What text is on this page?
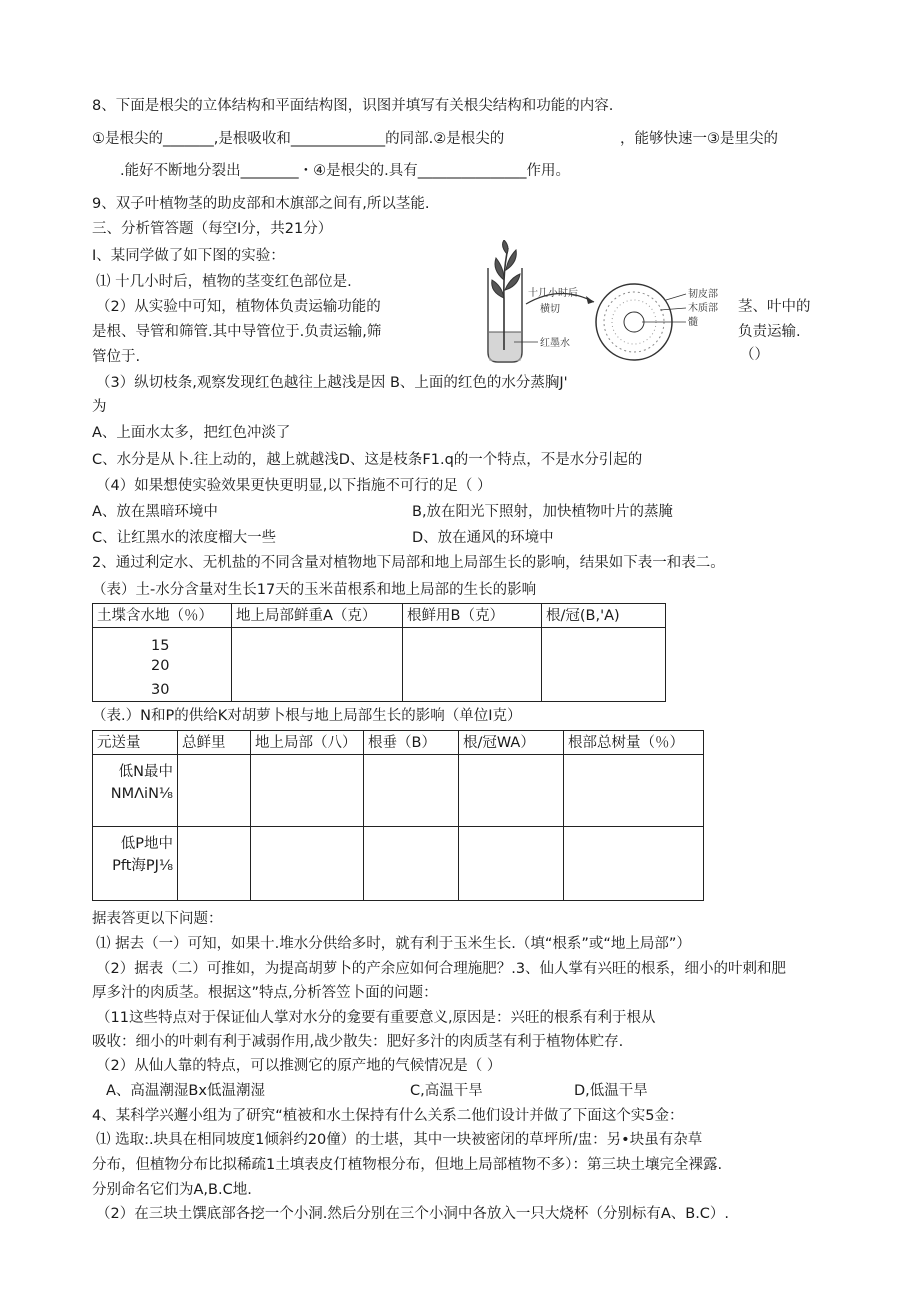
8、下面是根尖的立体结构和平面结构图，识图并填写有关根尖结构和功能的内容.
①是根尖的_______,是根吸收和_____________的同部.②是根尖的	，能够快速一③是里尖的
.能好不断地分裂出________・④是根尖的.具有_______________作用。
9、双子叶植物茎的助皮部和木旗部之间有,所以茎能.
三、分析管答题（每空I分，共21分）
I、某同学做了如下图的实验：
⑴ 十几小时后，植物的茎变红色部位是.
（2）从实验中可知，植物体负责运输功能的
是根、导管和筛管.其中导管位于.负责运输,筛
管位于.
茎、叶中的
负责运输.
（）
十几小时后
横切
红墨水
韧皮部
木质部
髓
（3）纵切枝条,观察发现红色越往上越浅是因 B、上面的红色的水分蒸胸J'
为
A、上面水太多，把红色冲淡了
C、水分是从卜.往上动的，越上就越浅D、这是枝条F1.q的一个特点，不是水分引起的
（4）如果想使实验效果更快更明显,以下指施不可行的足（ ）
A、放在黑暗环境中	B,放在阳光下照射，加快植物叶片的蒸腌
C、让红黑水的浓度榴大一些	D、放在通风的环境中
2、通过利定水、无机盐的不同含量对植物地下局部和地上局部生长的影响，结果如下表一和表二。
（表）土-水分含量对生长17天的玉米苗根系和地上局部的生长的影响
土堞含水地（％）	地上局部鲜重A（克）	根鲜用B（克）	根/冠(B,'A)

15
20
30			

（表.）N和P的供给K对胡萝卜根与地上局部生长的影响（单位I克）
元送量	总鲜里	地上局部（八）	根垂（B）	根/冠WA）	根部总树量（％）

低N最中
NMΛiN⅛					

低P地中
Pft海PJ⅛					

据表答更以下问题：
⑴ 据去（一）可知，如果十.堆水分供给多时，就有利于玉米生长.（填“根系”或“地上局部”）
（2）据表（二）可推如，为提高胡萝卜的产余应如何合理施肥？.3、仙人掌有兴旺的根系，细小的叶刺和肥
厚多汁的肉质茎。根据这”特点,分析答笠卜面的问题：
（11这些特点对于保证仙人掌对水分的龛要有重要意义,原因是：兴旺的根系有利于根从
吸收：细小的叶刺有利于减弱作用,战少散失：肥好多汁的肉质茎有利于植物体贮存.
（2）从仙人靠的特点，可以推测它的原产地的气候情况是（ ）
A、高温潮湿Bx低温潮湿	C,高温干旱	D,低温干旱
4、某科学兴邂小组为了研究“植被和水土保持有什么关系二他们设计并做了下面这个实5金：
⑴ 选取:.块具在相同坡度1倾斜约20僮）的士堪，其中一块被密闭的草坪所/盅：另•块虽有杂草
分布，但植物分布比拟稀疏1土填表皮仃植物根分布，但地上局部植物不多）：第三块土壤完全裸露.
分别命名它们为A,B.C地.
（2）在三块土馔底部各挖一个小洞.然后分别在三个小洞中各放入一只大烧杯（分别标有A、B.C）.
